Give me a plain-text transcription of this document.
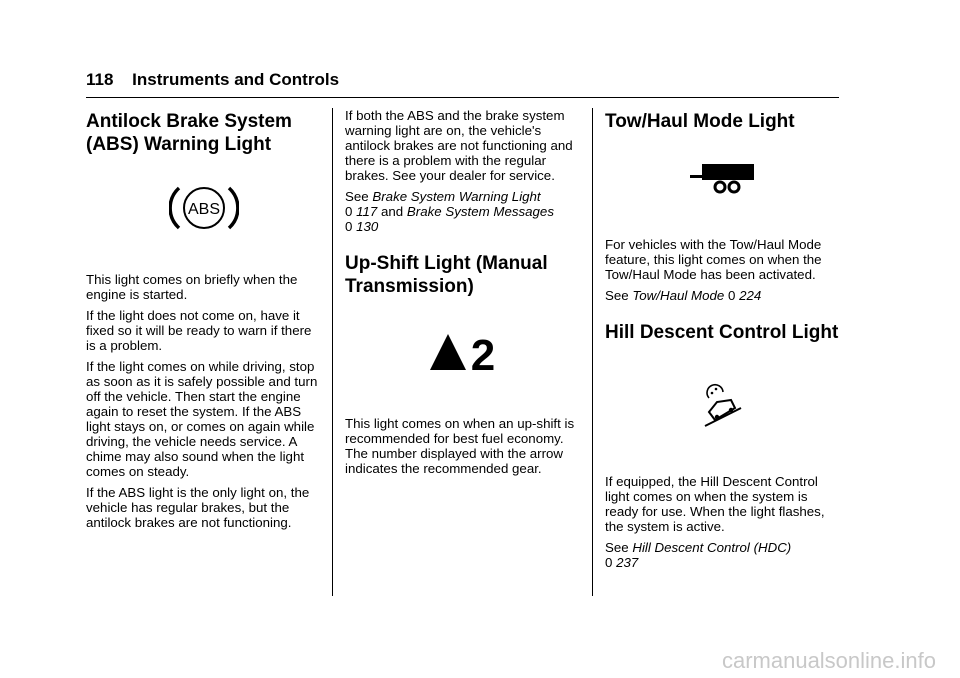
118 Instruments and Controls
Antilock Brake System (ABS) Warning Light
ABS

This light comes on briefly when the engine is started.

If the light does not come on, have it fixed so it will be ready to warn if there is a problem.

If the light comes on while driving, stop as soon as it is safely possible and turn off the vehicle. Then start the engine again to reset the system. If the ABS light stays on, or comes on again while driving, the vehicle needs service. A chime may also sound when the light comes on steady.

If the ABS light is the only light on, the vehicle has regular brakes, but the antilock brakes are not functioning.

If both the ABS and the brake system warning light are on, the vehicle's antilock brakes are not functioning and there is a problem with the regular brakes. See your dealer for service.

See Brake System Warning Light
0 117 and Brake System Messages
0 130

Up-Shift Light (Manual Transmission)
2

This light comes on when an up-shift is recommended for best fuel economy. The number displayed with the arrow indicates the recommended gear.

Tow/Haul Mode Light

For vehicles with the Tow/Haul Mode feature, this light comes on when the Tow/Haul Mode has been activated.

See Tow/Haul Mode 0 224

Hill Descent Control Light

If equipped, the Hill Descent Control light comes on when the system is ready for use. When the light flashes, the system is active.

See Hill Descent Control (HDC)
0 237

carmanualsonline.info
